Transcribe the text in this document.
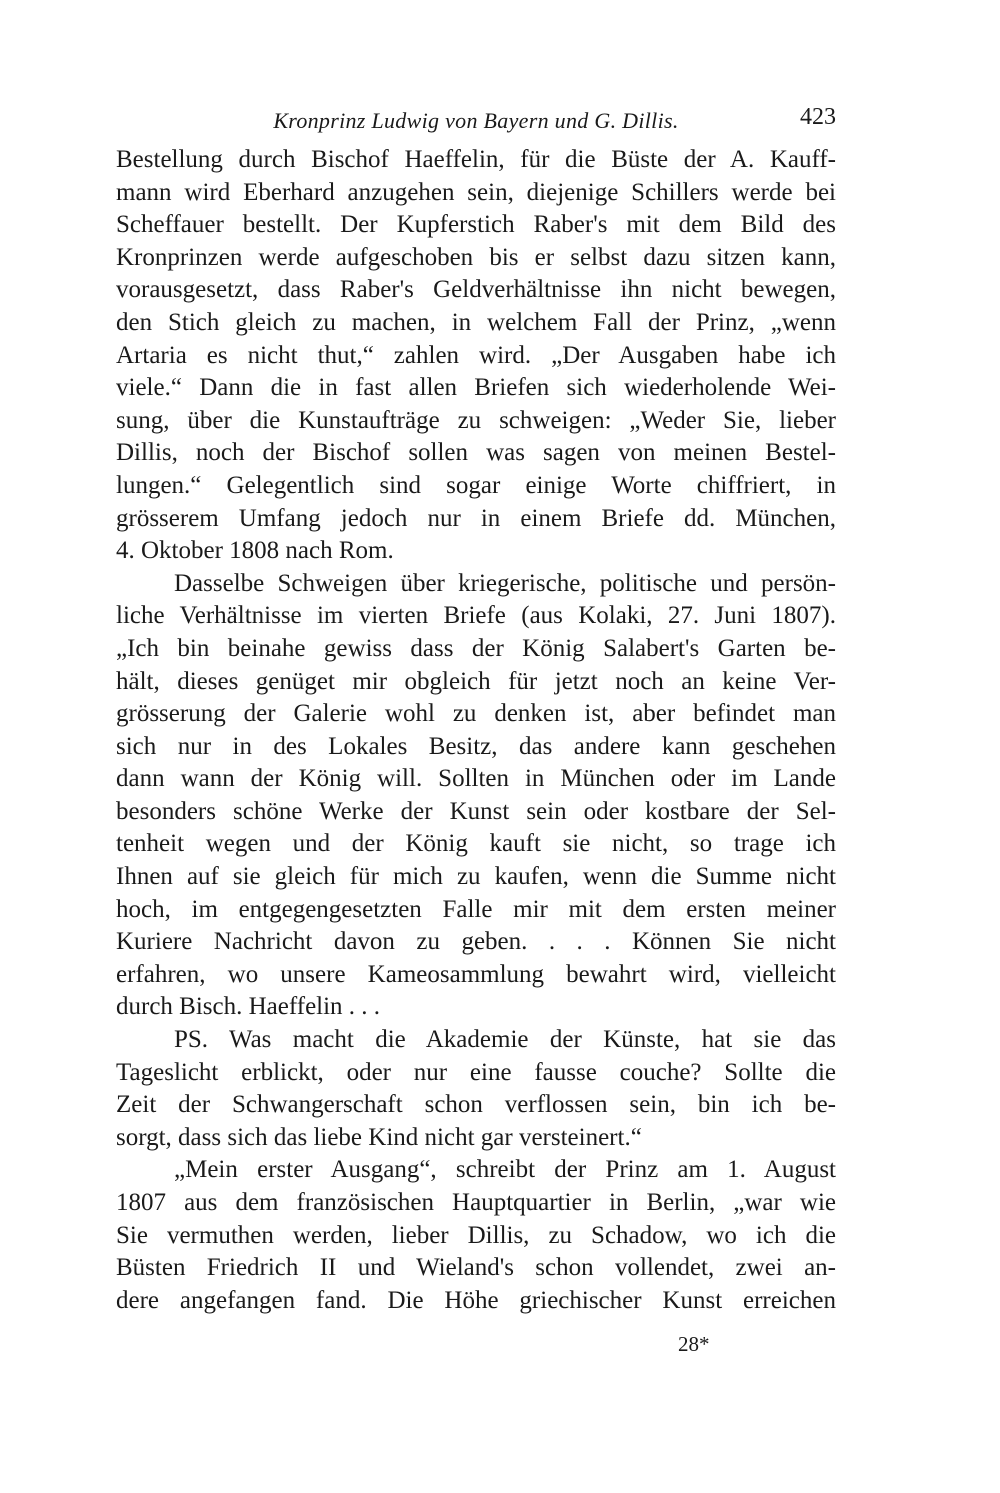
Kronprinz Ludwig von Bayern und G. Dillis.	423
Bestellung durch Bischof Haeffelin, für die Büste der A. Kauff-
mann wird Eberhard anzugehen sein, diejenige Schillers werde bei
Scheffauer bestellt. Der Kupferstich Raber's mit dem Bild des
Kronprinzen werde aufgeschoben bis er selbst dazu sitzen kann,
vorausgesetzt, dass Raber's Geldverhältnisse ihn nicht bewegen,
den Stich gleich zu machen, in welchem Fall der Prinz, „wenn
Artaria es nicht thut,“ zahlen wird. „Der Ausgaben habe ich
viele.“ Dann die in fast allen Briefen sich wiederholende Wei-
sung, über die Kunstaufträge zu schweigen: „Weder Sie, lieber
Dillis, noch der Bischof sollen was sagen von meinen Bestel-
lungen.“ Gelegentlich sind sogar einige Worte chiffriert, in
grösserem Umfang jedoch nur in einem Briefe dd. München,
4. Oktober 1808 nach Rom.
Dasselbe Schweigen über kriegerische, politische und persön-
liche Verhältnisse im vierten Briefe (aus Kolaki, 27. Juni 1807).
„Ich bin beinahe gewiss dass der König Salabert's Garten be-
hält, dieses genüget mir obgleich für jetzt noch an keine Ver-
grösserung der Galerie wohl zu denken ist, aber befindet man
sich nur in des Lokales Besitz, das andere kann geschehen
dann wann der König will. Sollten in München oder im Lande
besonders schöne Werke der Kunst sein oder kostbare der Sel-
tenheit wegen und der König kauft sie nicht, so trage ich
Ihnen auf sie gleich für mich zu kaufen, wenn die Summe nicht
hoch, im entgegengesetzten Falle mir mit dem ersten meiner
Kuriere Nachricht davon zu geben. . . . Können Sie nicht
erfahren, wo unsere Kameosammlung bewahrt wird, vielleicht
durch Bisch. Haeffelin . . .
PS. Was macht die Akademie der Künste, hat sie das
Tageslicht erblickt, oder nur eine fausse couche? Sollte die
Zeit der Schwangerschaft schon verflossen sein, bin ich be-
sorgt, dass sich das liebe Kind nicht gar versteinert.“
„Mein erster Ausgang“, schreibt der Prinz am 1. August
1807 aus dem französischen Hauptquartier in Berlin, „war wie
Sie vermuthen werden, lieber Dillis, zu Schadow, wo ich die
Büsten Friedrich II und Wieland's schon vollendet, zwei an-
dere angefangen fand. Die Höhe griechischer Kunst erreichen
28*
